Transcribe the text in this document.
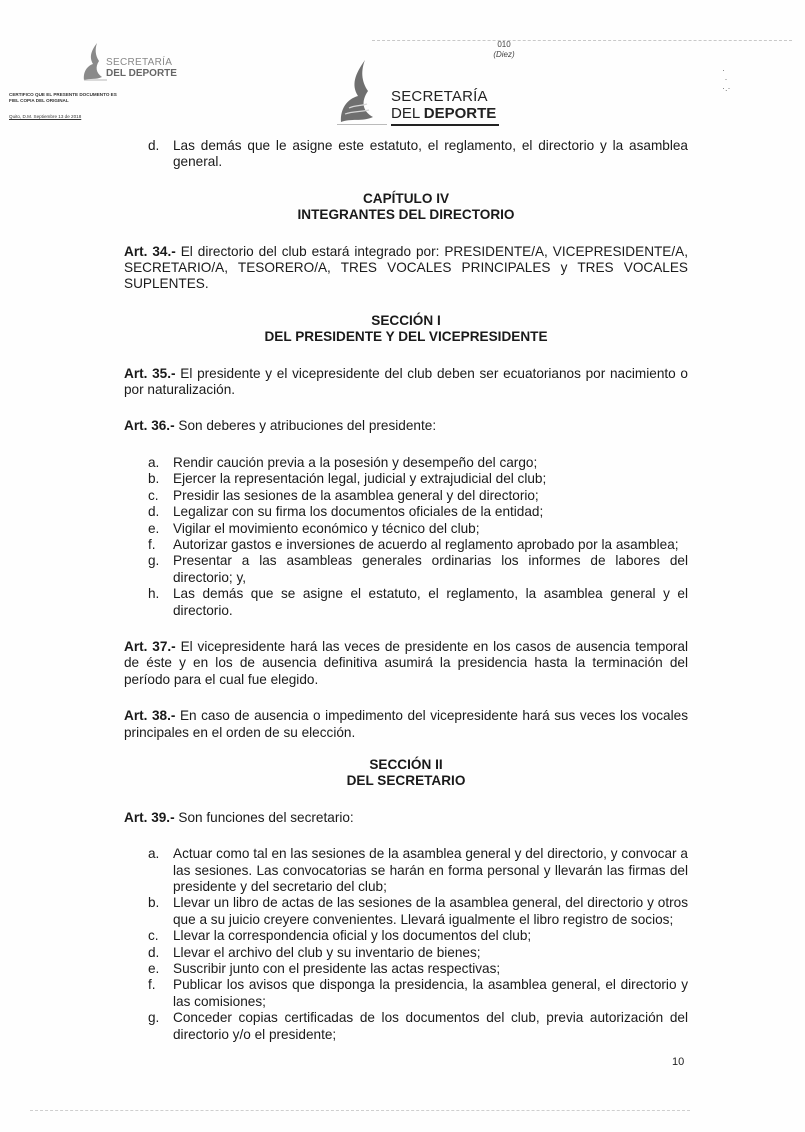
SECRETARÍA
DEL DEPORTE
CERTIFICO QUE EL PRESENTE DOCUMENTO ES FIEL COPIA DEL ORIGINAL
Quito, D.M. Septiembre 13 de 2018
010
(Diez)
SECRETARÍA
DEL DEPORTE
·
·
·.·
d. Las demás que le asigne este estatuto, el reglamento, el directorio y la asamblea general.

CAPÍTULO IV

INTEGRANTES DEL DIRECTORIO

Art. 34.- El directorio del club estará integrado por: PRESIDENTE/A, VICEPRESIDENTE/A, SECRETARIO/A, TESORERO/A, TRES VOCALES PRINCIPALES y TRES VOCALES SUPLENTES.

SECCIÓN I

DEL PRESIDENTE Y DEL VICEPRESIDENTE

Art. 35.- El presidente y el vicepresidente del club deben ser ecuatorianos por nacimiento o por naturalización.

Art. 36.- Son deberes y atribuciones del presidente:

a. Rendir caución previa a la posesión y desempeño del cargo;
b. Ejercer la representación legal, judicial y extrajudicial del club;
c. Presidir las sesiones de la asamblea general y del directorio;
d. Legalizar con su firma los documentos oficiales de la entidad;
e. Vigilar el movimiento económico y técnico del club;
f. Autorizar gastos e inversiones de acuerdo al reglamento aprobado por la asamblea;
g. Presentar a las asambleas generales ordinarias los informes de labores del directorio; y,
h. Las demás que se asigne el estatuto, el reglamento, la asamblea general y el directorio.

Art. 37.- El vicepresidente hará las veces de presidente en los casos de ausencia temporal de éste y en los de ausencia definitiva asumirá la presidencia hasta la terminación del período para el cual fue elegido.

Art. 38.- En caso de ausencia o impedimento del vicepresidente hará sus veces los vocales principales en el orden de su elección.

SECCIÓN II

DEL SECRETARIO

Art. 39.- Son funciones del secretario:

a. Actuar como tal en las sesiones de la asamblea general y del directorio, y convocar a las sesiones. Las convocatorias se harán en forma personal y llevarán las firmas del presidente y del secretario del club;
b. Llevar un libro de actas de las sesiones de la asamblea general, del directorio y otros que a su juicio creyere convenientes. Llevará igualmente el libro registro de socios;
c. Llevar la correspondencia oficial y los documentos del club;
d. Llevar el archivo del club y su inventario de bienes;
e. Suscribir junto con el presidente las actas respectivas;
f. Publicar los avisos que disponga la presidencia, la asamblea general, el directorio y las comisiones;
g. Conceder copias certificadas de los documentos del club, previa autorización del directorio y/o el presidente;
10
